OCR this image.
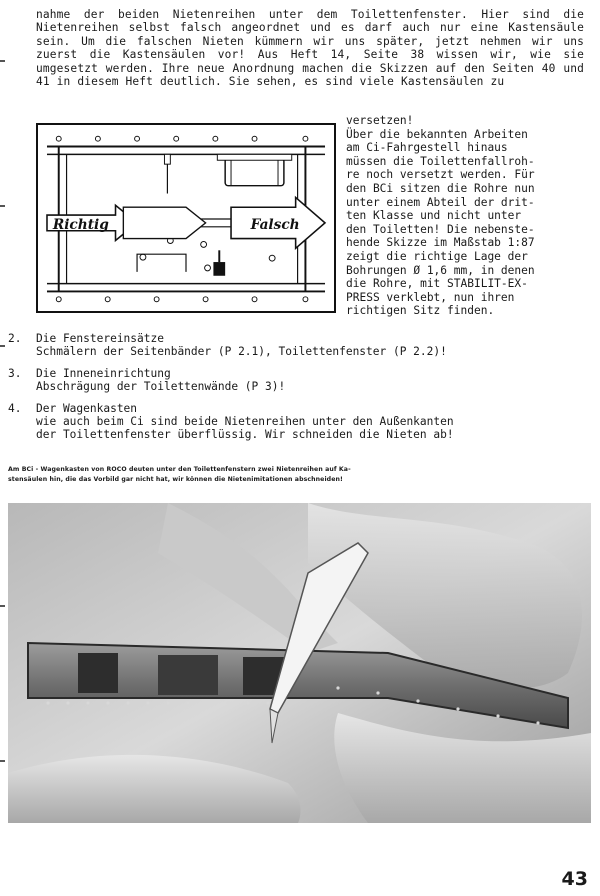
nahme der beiden Nietenreihen unter dem Toilettenfenster. Hier sind die Nietenreihen selbst falsch angeordnet und es darf auch nur eine Kastensäule sein. Um die falschen Nieten kümmern wir uns später, jetzt nehmen wir uns zuerst die Kastensäulen vor! Aus Heft 14, Seite 38 wissen wir, wie sie umgesetzt werden. Ihre neue Anordnung machen die Skizzen auf den Seiten 40 und 41 in diesem Heft deutlich. Sie sehen, es sind viele Kastensäulen zu

Richtig	Falsch

versetzen!
Über die bekannten Arbeiten
am Ci-Fahrgestell hinaus
müssen die Toilettenfallroh-
re noch versetzt werden. Für
den BCi sitzen die Rohre nun
unter einem Abteil der drit-
ten Klasse und nicht unter
den Toiletten! Die nebenste-
hende Skizze im Maßstab 1:87
zeigt die richtige Lage der
Bohrungen Ø 1,6 mm, in denen
die Rohre, mit STABILIT-EX-
PRESS verklebt, nun ihren
richtigen Sitz finden.

2.	Die Fenstereinsätze
Schmälern der Seitenbänder (P 2.1), Toilettenfenster (P 2.2)!
3.	Die Inneneinrichtung
Abschrägung der Toilettenwände (P 3)!
4.	Der Wagenkasten
wie auch beim Ci sind beide Nietenreihen unter den Außenkanten
der Toilettenfenster überflüssig. Wir schneiden die Nieten ab!

Am BCi - Wagenkasten von ROCO deuten unter den Toilettenfenstern zwei Nietenreihen auf Ka-
stensäulen hin, die das Vorbild gar nicht hat, wir können die Nietenimitationen abschneiden!

43
